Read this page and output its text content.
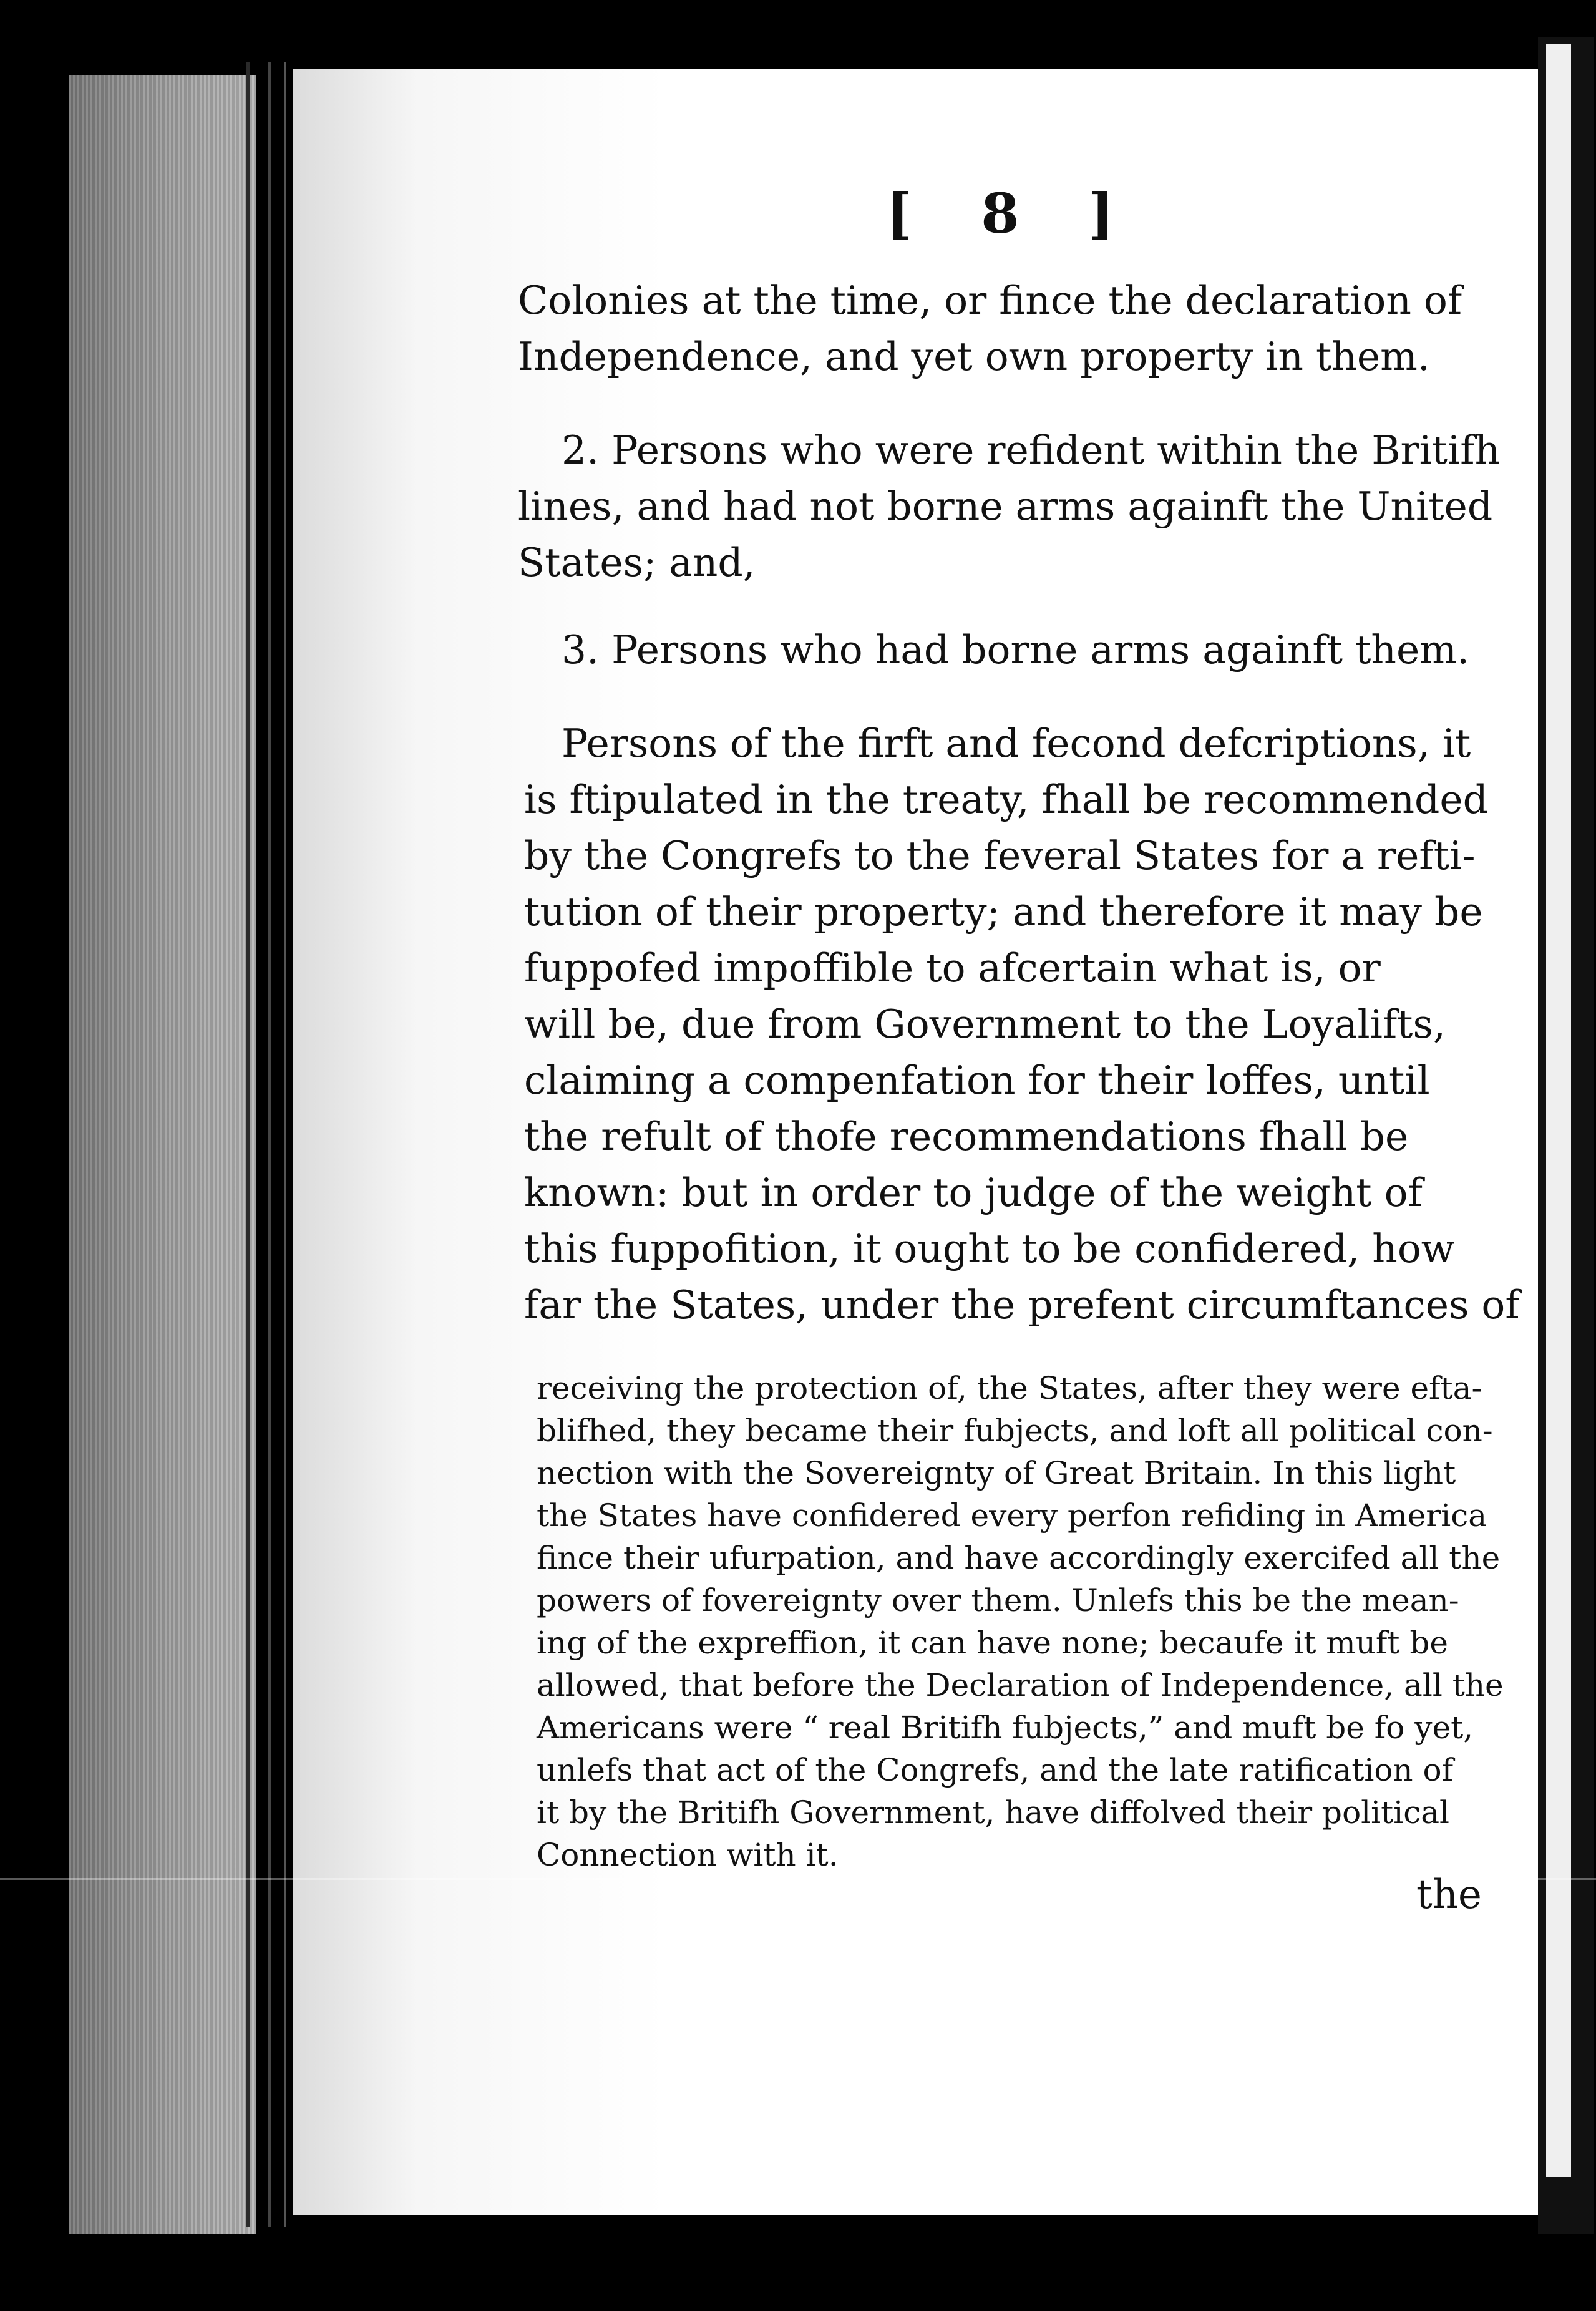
[ 8 ]
Colonies at the time, or fince the declaration of
Independence, and yet own property in them.
2. Persons who were refident within the Britifh
lines, and had not borne arms againft the United
States; and,
3. Persons who had borne arms againft them.
Persons of the firft and fecond defcriptions, it
is ftipulated in the treaty, fhall be recommended
by the Congrefs to the feveral States for a refti-
tution of their property; and therefore it may be
fuppofed impoffible to afcertain what is, or
will be, due from Government to the Loyalifts,
claiming a compenfation for their loffes, until
the refult of thofe recommendations fhall be
known: but in order to judge of the weight of
this fuppofition, it ought to be confidered, how
far the States, under the prefent circumftances of
receiving the protection of, the States, after they were efta-
blifhed, they became their fubjects, and loft all political con-
nection with the Sovereignty of Great Britain. In this light
the States have confidered every perfon refiding in America
fince their ufurpation, and have accordingly exercifed all the
powers of fovereignty over them. Unlefs this be the mean-
ing of the expreffion, it can have none; becaufe it muft be
allowed, that before the Declaration of Independence, all the
Americans were “ real Britifh fubjects,” and muft be fo yet,
unlefs that act of the Congrefs, and the late ratification of
it by the Britifh Government, have diffolved their political
Connection with it.
the
